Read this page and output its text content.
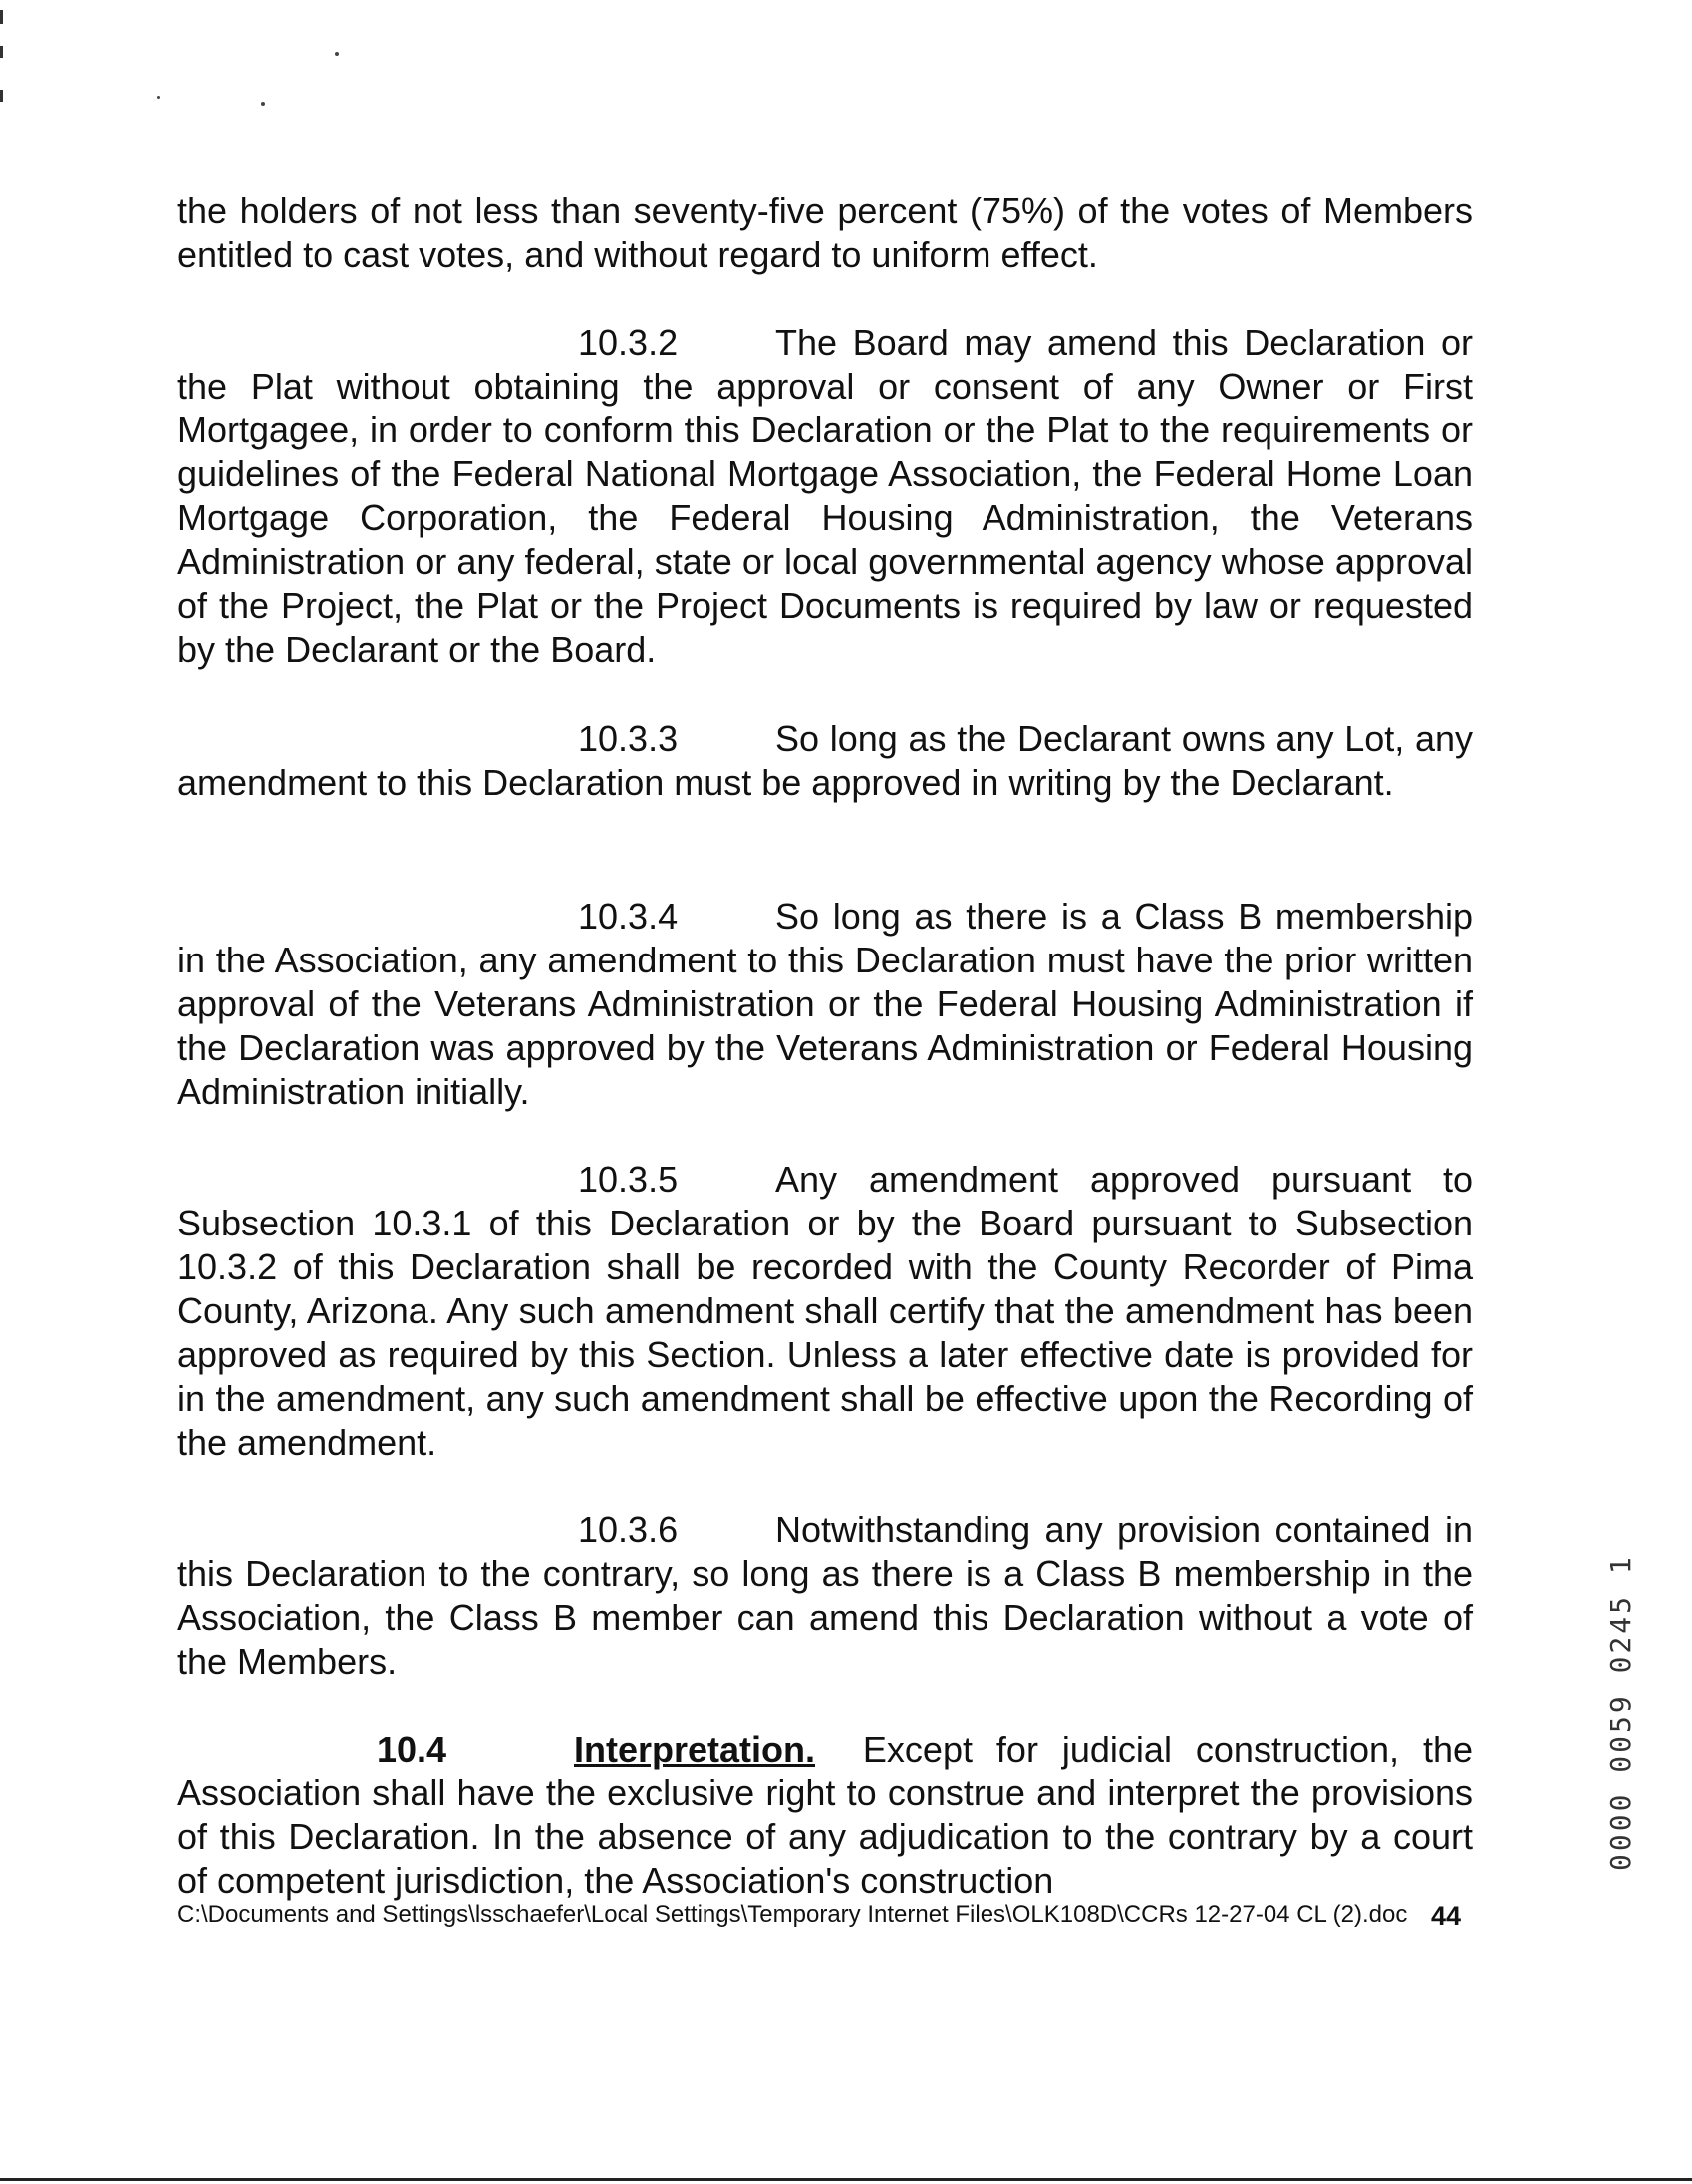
the holders of not less than seventy-five percent (75%) of the votes of Members entitled to cast votes, and without regard to uniform effect.

10.3.2	The Board may amend this Declaration or the Plat without obtaining the approval or consent of any Owner or First Mortgagee, in order to conform this Declaration or the Plat to the requirements or guidelines of the Federal National Mortgage Association, the Federal Home Loan Mortgage Corporation, the Federal Housing Administration, the Veterans Administration or any federal, state or local governmental agency whose approval of the Project, the Plat or the Project Documents is required by law or requested by the Declarant or the Board.

10.3.3	So long as the Declarant owns any Lot, any amendment to this Declaration must be approved in writing by the Declarant.

10.3.4	So long as there is a Class B membership in the Association, any amendment to this Declaration must have the prior written approval of the Veterans Administration or the Federal Housing Administration if the Declaration was approved by the Veterans Administration or Federal Housing Administration initially.

10.3.5	Any amendment approved pursuant to Subsection 10.3.1 of this Declaration or by the Board pursuant to Subsection 10.3.2 of this Declaration shall be recorded with the County Recorder of Pima County, Arizona. Any such amendment shall certify that the amendment has been approved as required by this Section. Unless a later effective date is provided for in the amendment, any such amendment shall be effective upon the Recording of the amendment.

10.3.6	Notwithstanding any provision contained in this Declaration to the contrary, so long as there is a Class B membership in the Association, the Class B member can amend this Declaration without a vote of the Members.

10.4	Interpretation. Except for judicial construction, the Association shall have the exclusive right to construe and interpret the provisions of this Declaration. In the absence of any adjudication to the contrary by a court of competent jurisdiction, the Association's construction

C:\Documents and Settings\lsschaefer\Local Settings\Temporary Internet Files\OLK108D\CCRs 12-27-04 CL (2).doc 44
0000 0059 0245 1
